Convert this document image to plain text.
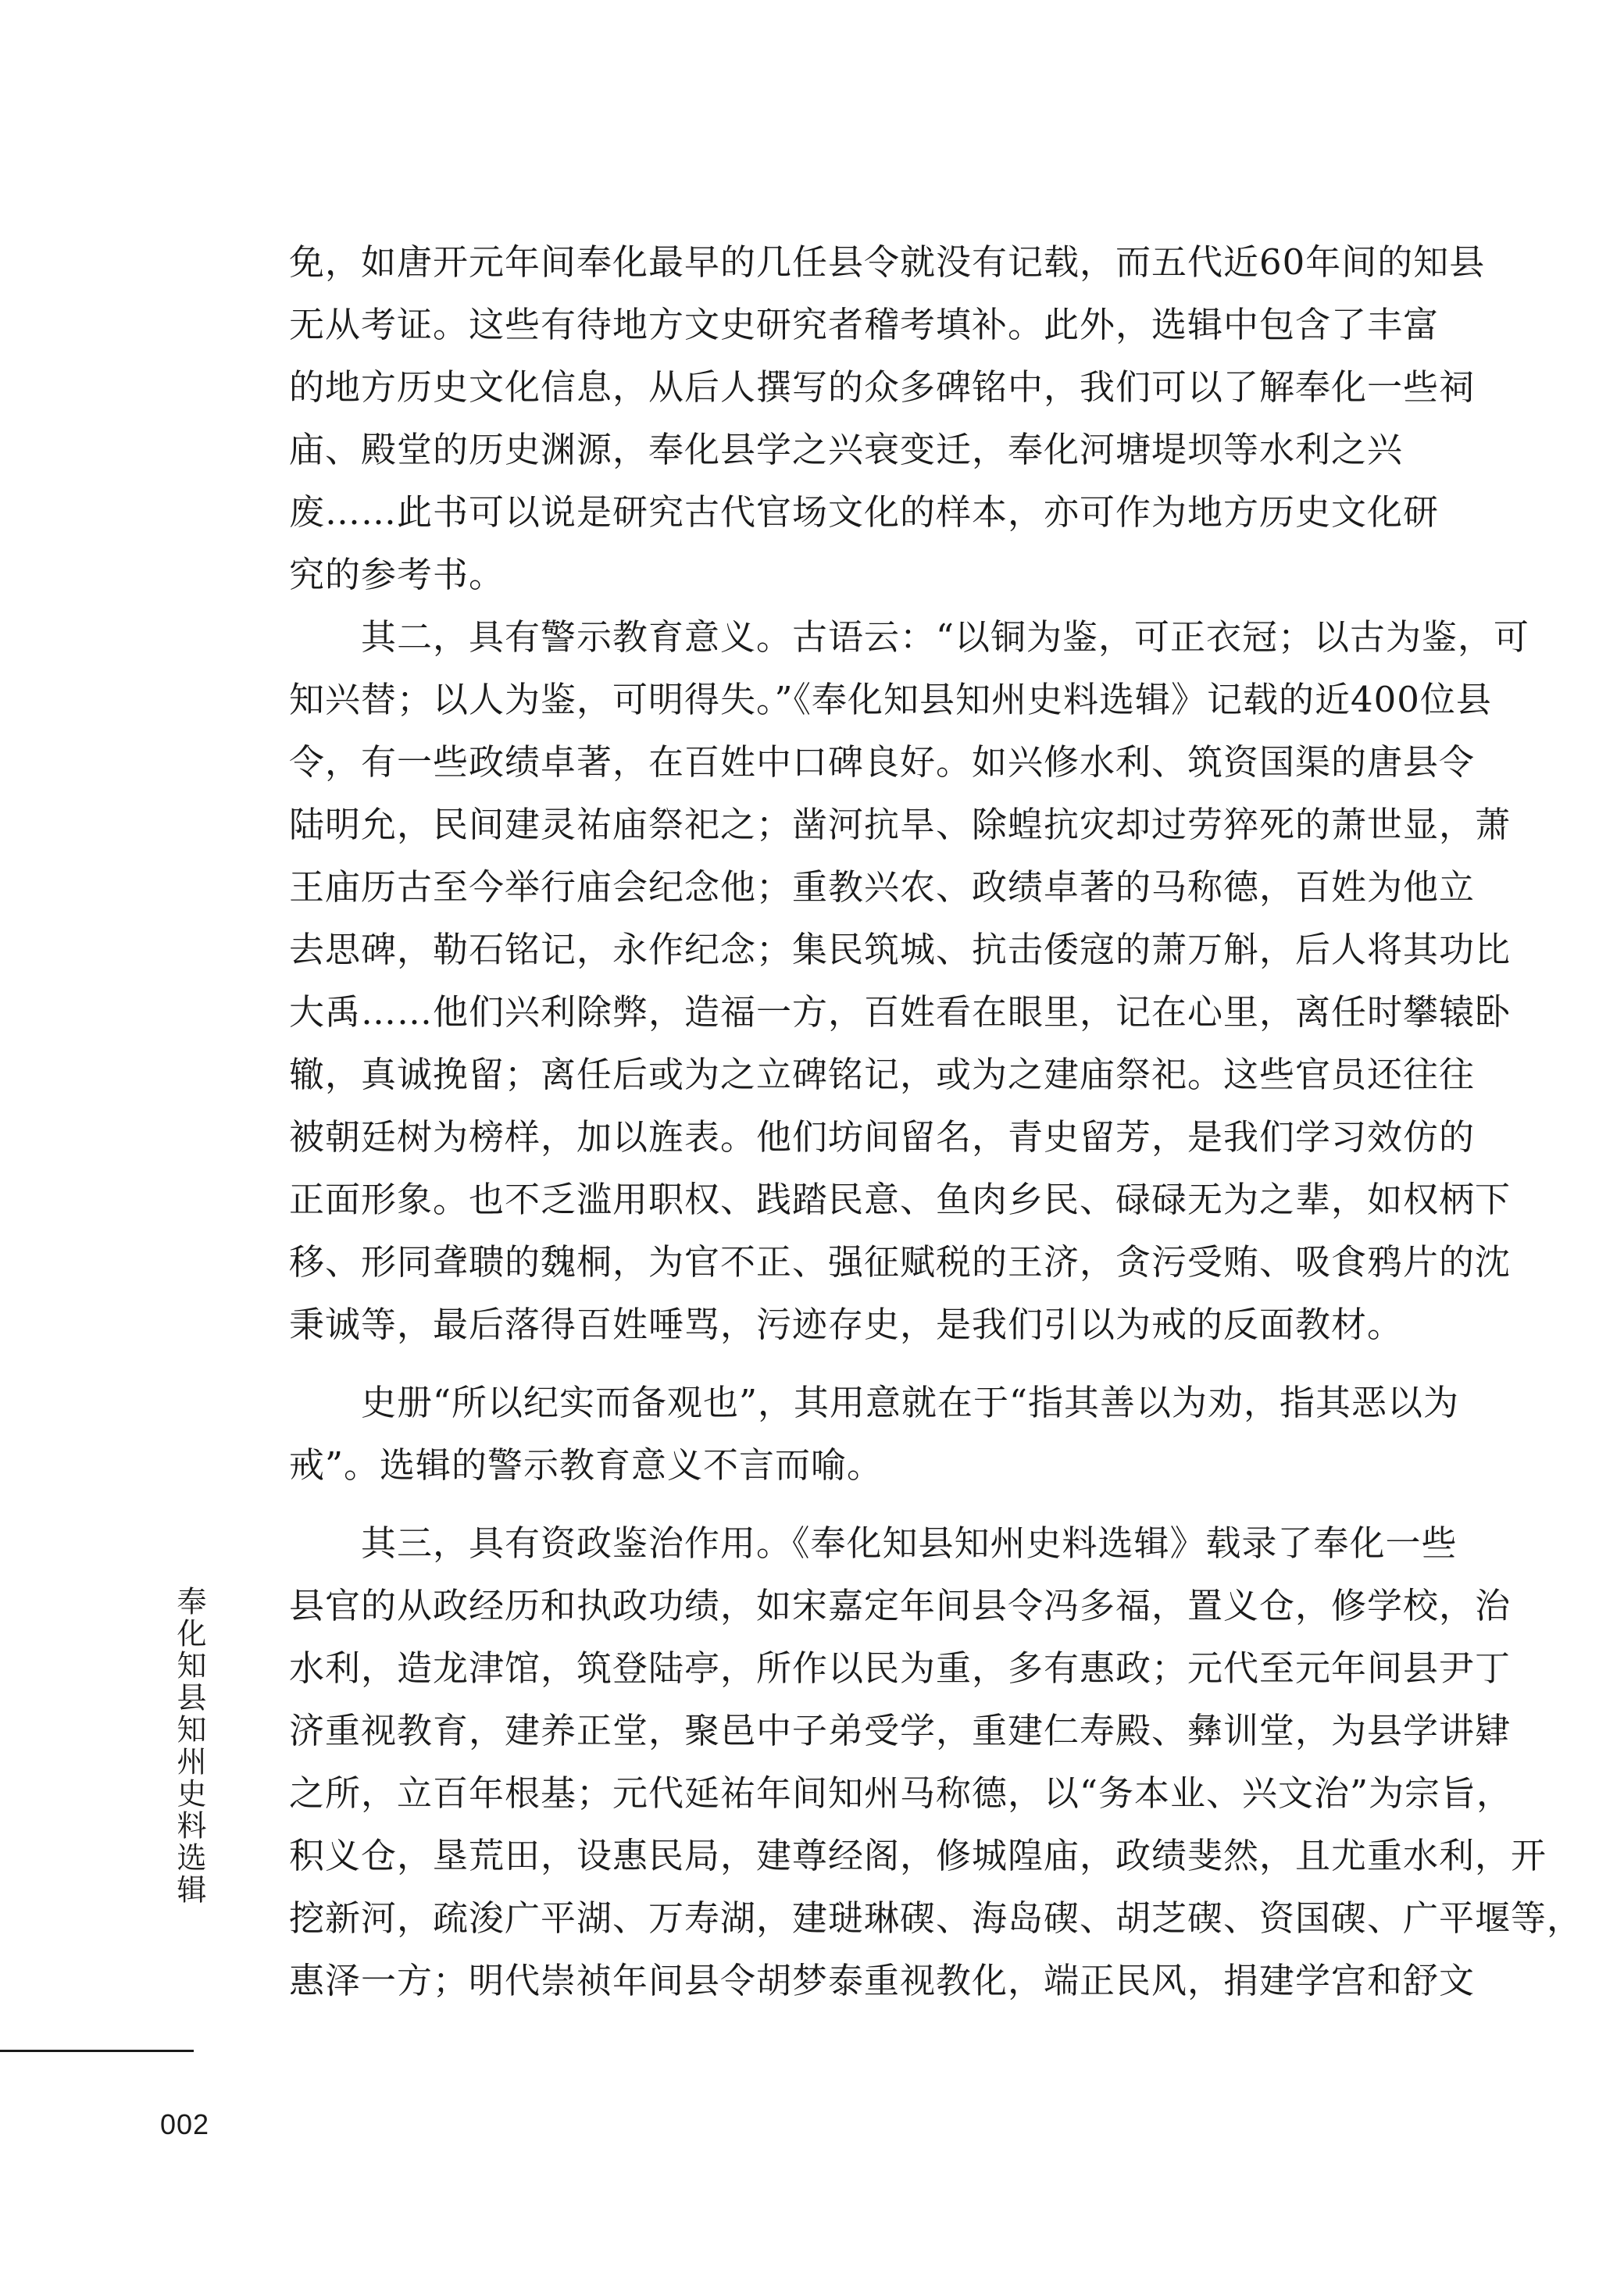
免，如唐开元年间奉化最早的几任县令就没有记载，而五代近60年间的知县
无从考证。这些有待地方文史研究者稽考填补。此外，选辑中包含了丰富
的地方历史文化信息，从后人撰写的众多碑铭中，我们可以了解奉化一些祠
庙、殿堂的历史渊源，奉化县学之兴衰变迁，奉化河塘堤坝等水利之兴
废……此书可以说是研究古代官场文化的样本，亦可作为地方历史文化研
究的参考书。
　　其二，具有警示教育意义。古语云：“以铜为鉴，可正衣冠；以古为鉴，可
知兴替；以人为鉴，可明得失。”《奉化知县知州史料选辑》记载的近400位县
令，有一些政绩卓著，在百姓中口碑良好。如兴修水利、筑资国渠的唐县令
陆明允，民间建灵祐庙祭祀之；凿河抗旱、除蝗抗灾却过劳猝死的萧世显，萧
王庙历古至今举行庙会纪念他；重教兴农、政绩卓著的马称德，百姓为他立
去思碑，勒石铭记，永作纪念；集民筑城、抗击倭寇的萧万斛，后人将其功比
大禹……他们兴利除弊，造福一方，百姓看在眼里，记在心里，离任时攀辕卧
辙，真诚挽留；离任后或为之立碑铭记，或为之建庙祭祀。这些官员还往往
被朝廷树为榜样，加以旌表。他们坊间留名，青史留芳，是我们学习效仿的
正面形象。也不乏滥用职权、践踏民意、鱼肉乡民、碌碌无为之辈，如权柄下
移、形同聋聩的魏桐，为官不正、强征赋税的王济，贪污受贿、吸食鸦片的沈
秉诚等，最后落得百姓唾骂，污迹存史，是我们引以为戒的反面教材。
　　史册“所以纪实而备观也”，其用意就在于“指其善以为劝，指其恶以为
戒”。选辑的警示教育意义不言而喻。
　　其三，具有资政鉴治作用。《奉化知县知州史料选辑》载录了奉化一些
县官的从政经历和执政功绩，如宋嘉定年间县令冯多福，置义仓，修学校，治
水利，造龙津馆，筑登陆亭，所作以民为重，多有惠政；元代至元年间县尹丁
济重视教育，建养正堂，聚邑中子弟受学，重建仁寿殿、彝训堂，为县学讲肄
之所，立百年根基；元代延祐年间知州马称德，以“务本业、兴文治”为宗旨，
积义仓，垦荒田，设惠民局，建尊经阁，修城隍庙，政绩斐然，且尤重水利，开
挖新河，疏浚广平湖、万寿湖，建琎琳碶、海岛碶、胡芝碶、资国碶、广平堰等，
惠泽一方；明代崇祯年间县令胡梦泰重视教化，端正民风，捐建学宫和舒文
奉化知县知州史料选辑
002
